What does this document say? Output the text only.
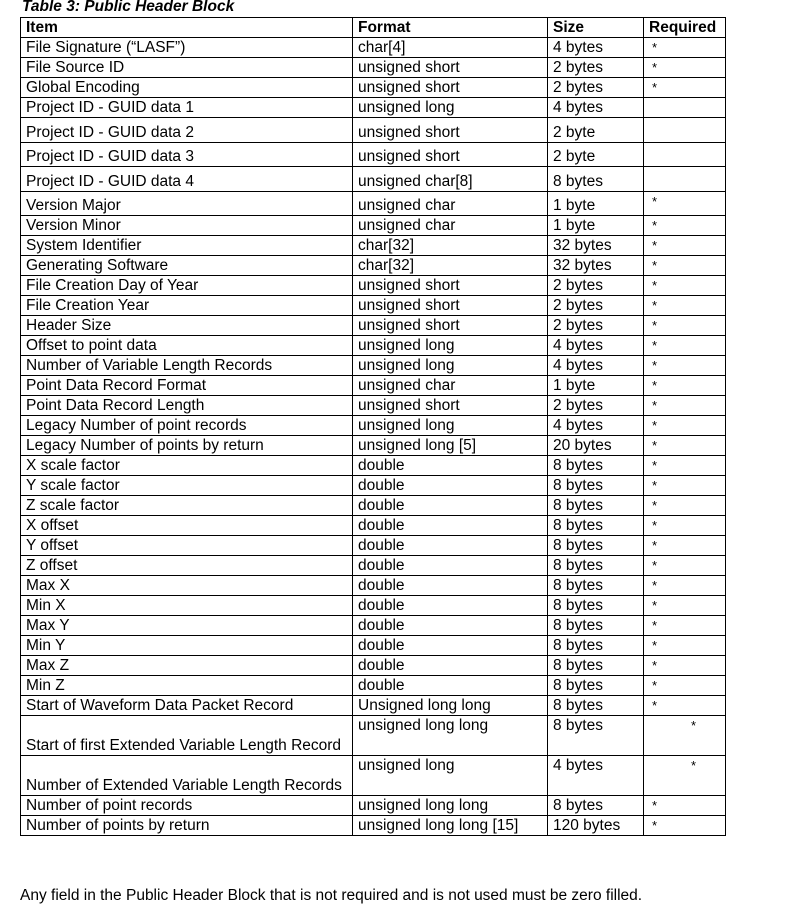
Table 3: Public Header Block
Item	Format	Size	Required
File Signature (“LASF”)	char[4]	4 bytes	*
File Source ID	unsigned short	2 bytes	*
Global Encoding	unsigned short	2 bytes	*
Project ID - GUID data 1	unsigned long	4 bytes	
Project ID - GUID data 2	unsigned short	2 byte	
Project ID - GUID data 3	unsigned short	2 byte	
Project ID - GUID data 4	unsigned char[8]	8 bytes	
Version Major	unsigned char	1 byte	*
Version Minor	unsigned char	1 byte	*
System Identifier	char[32]	32 bytes	*
Generating Software	char[32]	32 bytes	*
File Creation Day of Year	unsigned short	2 bytes	*
File Creation Year	unsigned short	2 bytes	*
Header Size	unsigned short	2 bytes	*
Offset to point data	unsigned long	4 bytes	*
Number of Variable Length Records	unsigned long	4 bytes	*
Point Data Record Format	unsigned char	1 byte	*
Point Data Record Length	unsigned short	2 bytes	*
Legacy Number of point records	unsigned long	4 bytes	*
Legacy Number of points by return	unsigned long [5]	20 bytes	*
X scale factor	double	8 bytes	*
Y scale factor	double	8 bytes	*
Z scale factor	double	8 bytes	*
X offset	double	8 bytes	*
Y offset	double	8 bytes	*
Z offset	double	8 bytes	*
Max X	double	8 bytes	*
Min X	double	8 bytes	*
Max Y	double	8 bytes	*
Min Y	double	8 bytes	*
Max Z	double	8 bytes	*
Min Z	double	8 bytes	*
Start of Waveform Data Packet Record	Unsigned long long	8 bytes	*
Start of first Extended Variable Length Record	unsigned long long	8 bytes	*
Number of Extended Variable Length Records	unsigned long	4 bytes	*
Number of point records	unsigned long long	8 bytes	*
Number of points by return	unsigned long long [15]	120 bytes	*
Any field in the Public Header Block that is not required and is not used must be zero filled.
